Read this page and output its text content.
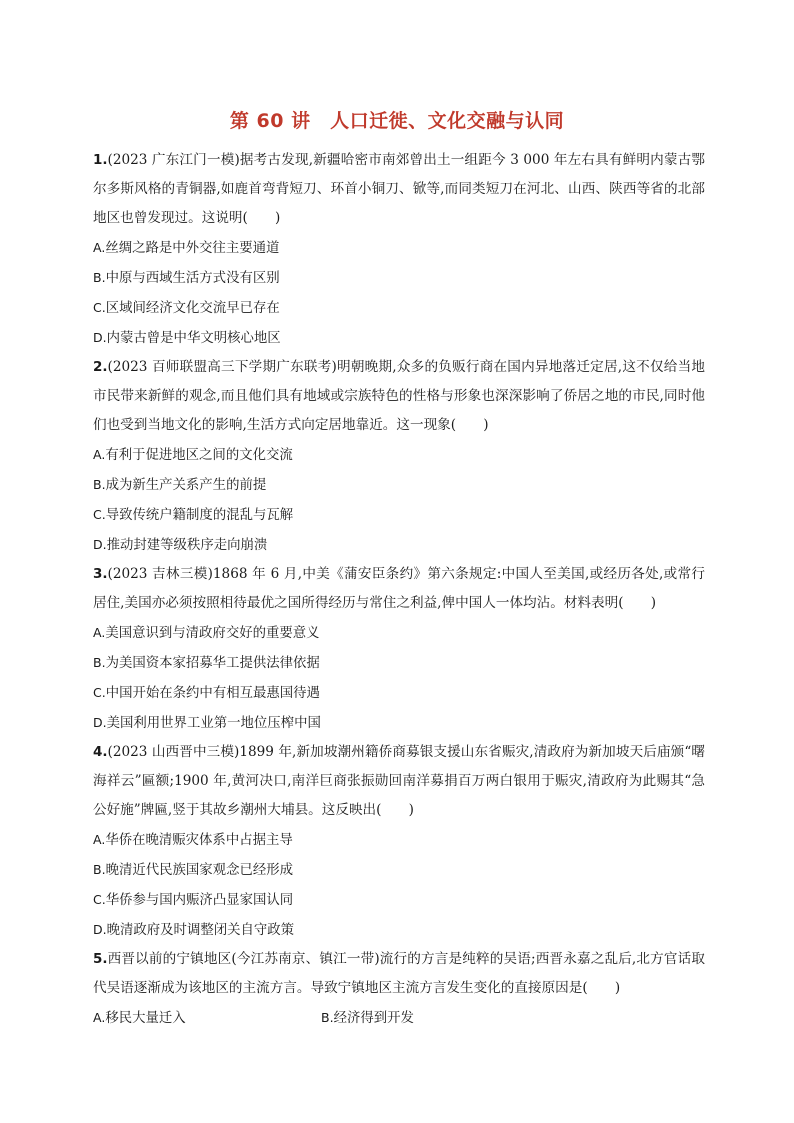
第 60 讲　人口迁徙、文化交融与认同

1.(2023 广东江门一模)据考古发现,新疆哈密市南郊曾出土一组距今 3 000 年左右具有鲜明内蒙古鄂尔多斯风格的青铜器,如鹿首弯背短刀、环首小铜刀、锨等,而同类短刀在河北、山西、陕西等省的北部地区也曾发现过。这说明(　　)

A.丝绸之路是中外交往主要通道

B.中原与西域生活方式没有区别

C.区域间经济文化交流早已存在

D.内蒙古曾是中华文明核心地区

2.(2023 百师联盟高三下学期广东联考)明朝晚期,众多的负贩行商在国内异地落迁定居,这不仅给当地市民带来新鲜的观念,而且他们具有地域或宗族特色的性格与形象也深深影响了侨居之地的市民,同时他们也受到当地文化的影响,生活方式向定居地靠近。这一现象(　　)

A.有利于促进地区之间的文化交流

B.成为新生产关系产生的前提

C.导致传统户籍制度的混乱与瓦解

D.推动封建等级秩序走向崩溃

3.(2023 吉林三模)1868 年 6 月,中美《蒲安臣条约》第六条规定:中国人至美国,或经历各处,或常行居住,美国亦必须按照相待最优之国所得经历与常住之利益,俾中国人一体均沾。材料表明(　　)

A.美国意识到与清政府交好的重要意义

B.为美国资本家招募华工提供法律依据

C.中国开始在条约中有相互最惠国待遇

D.美国利用世界工业第一地位压榨中国

4.(2023 山西晋中三模)1899 年,新加坡潮州籍侨商募银支援山东省赈灾,清政府为新加坡天后庙颁“曙海祥云”匾额;1900 年,黄河决口,南洋巨商张振勋回南洋募捐百万两白银用于赈灾,清政府为此赐其“急公好施”牌匾,竖于其故乡潮州大埔县。这反映出(　　)

A.华侨在晚清赈灾体系中占据主导

B.晚清近代民族国家观念已经形成

C.华侨参与国内赈济凸显家国认同

D.晚清政府及时调整闭关自守政策

5.西晋以前的宁镇地区(今江苏南京、镇江一带)流行的方言是纯粹的吴语;西晋永嘉之乱后,北方官话取代吴语逐渐成为该地区的主流方言。导致宁镇地区主流方言发生变化的直接原因是(　　)

A.移民大量迁入	B.经济得到开发
